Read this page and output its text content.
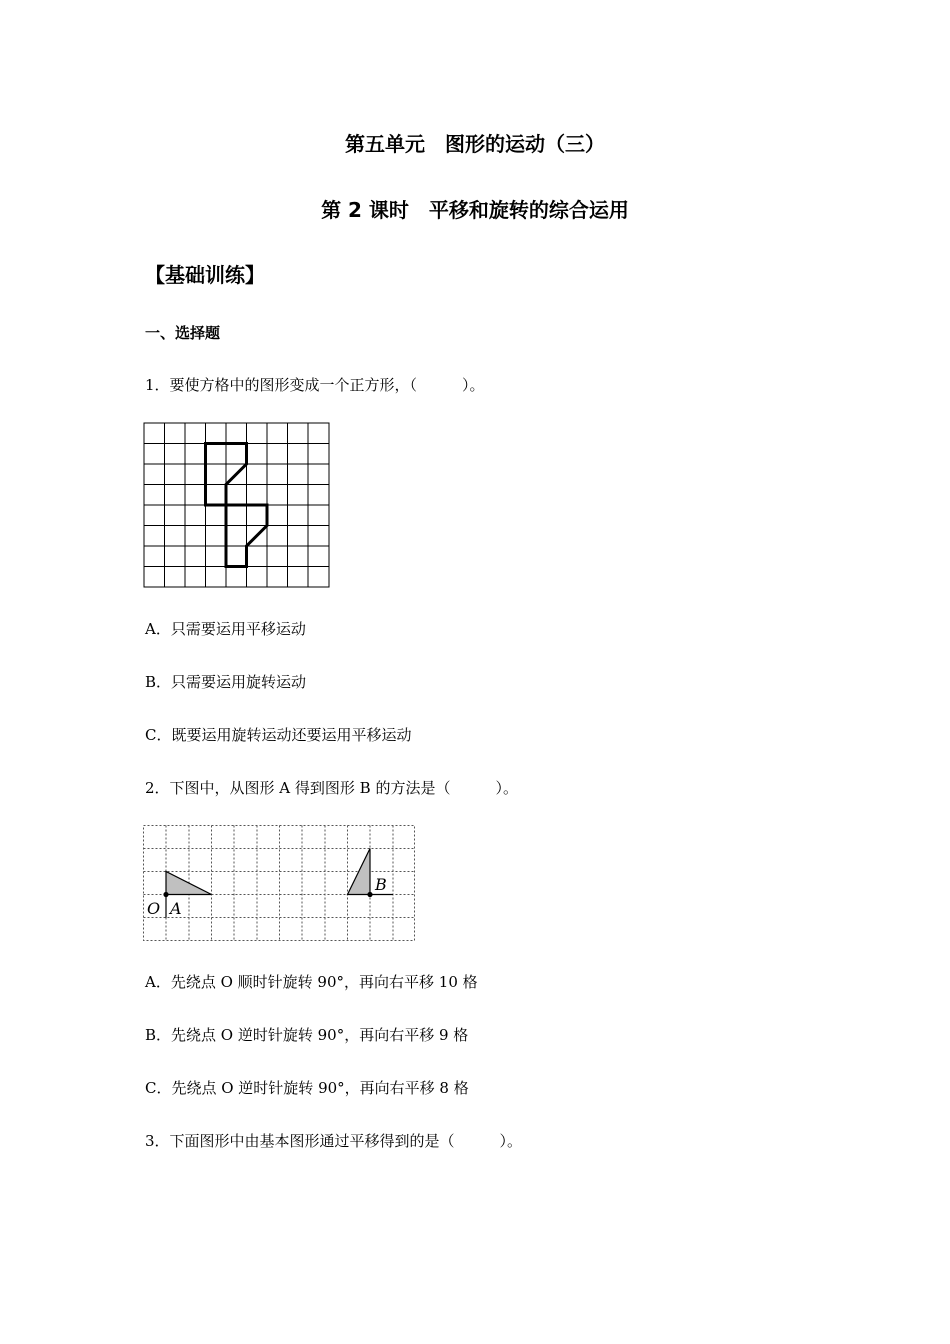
第五单元　图形的运动（三）
第 2 课时　平移和旋转的综合运用
【基础训练】
一、选择题
1．要使方格中的图形变成一个正方形，（　　　）。
A．只需要运用平移运动
B．只需要运用旋转运动
C．既要运用旋转运动还要运用平移运动
2．下图中，从图形 A 得到图形 B 的方法是（　　　）。
O A
B
A．先绕点 O 顺时针旋转 90°，再向右平移 10 格
B．先绕点 O 逆时针旋转 90°，再向右平移 9 格
C．先绕点 O 逆时针旋转 90°，再向右平移 8 格
3．下面图形中由基本图形通过平移得到的是（　　　）。
